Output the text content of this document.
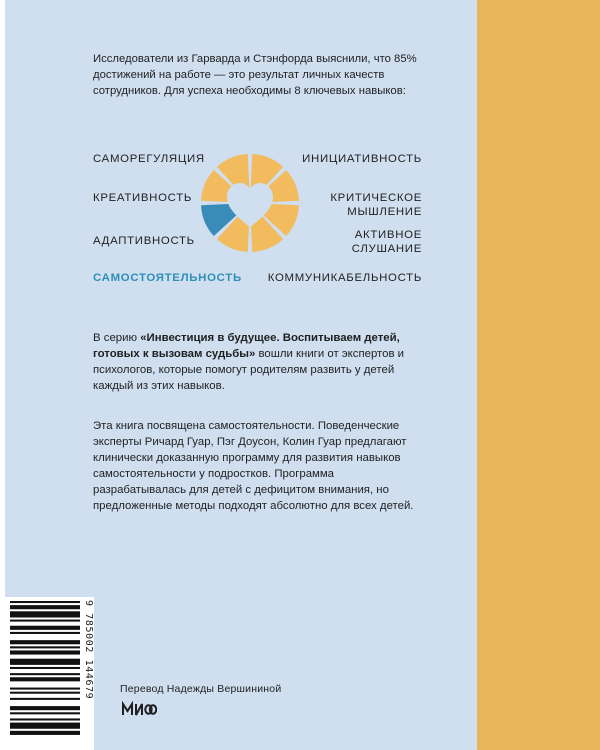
Исследователи из Гарварда и Стэнфорда выяснили, что 85% достижений на работе — это результат личных качеств сотрудников. Для успеха необходимы 8 ключевых навыков:

САМОРЕГУЛЯЦИЯ

КРЕАТИВНОСТЬ

АДАПТИВНОСТЬ

САМОСТОЯТЕЛЬНОСТЬ

ИНИЦИАТИВНОСТЬ

КРИТИЧЕСКОЕ
МЫШЛЕНИЕ
АКТИВНОЕ
СЛУШАНИЕ

КОММУНИКАБЕЛЬНОСТЬ

В серию «Инвестиция в будущее. Воспитываем детей, готовых к вызовам судьбы» вошли книги от экспертов и психологов, которые помогут родителям развить у детей каждый из этих навыков.

Эта книга посвящена самостоятельности. Поведенческие эксперты Ричард Гуар, Пэг Доусон, Колин Гуар предлагают клинически доказанную программу для развития навыков самостоятельности у подростков. Программа разрабатывалась для детей с дефицитом внимания, но предложенные методы подходят абсолютно для всех детей.

9 785002 144679 Перевод Надежды Вершининой
